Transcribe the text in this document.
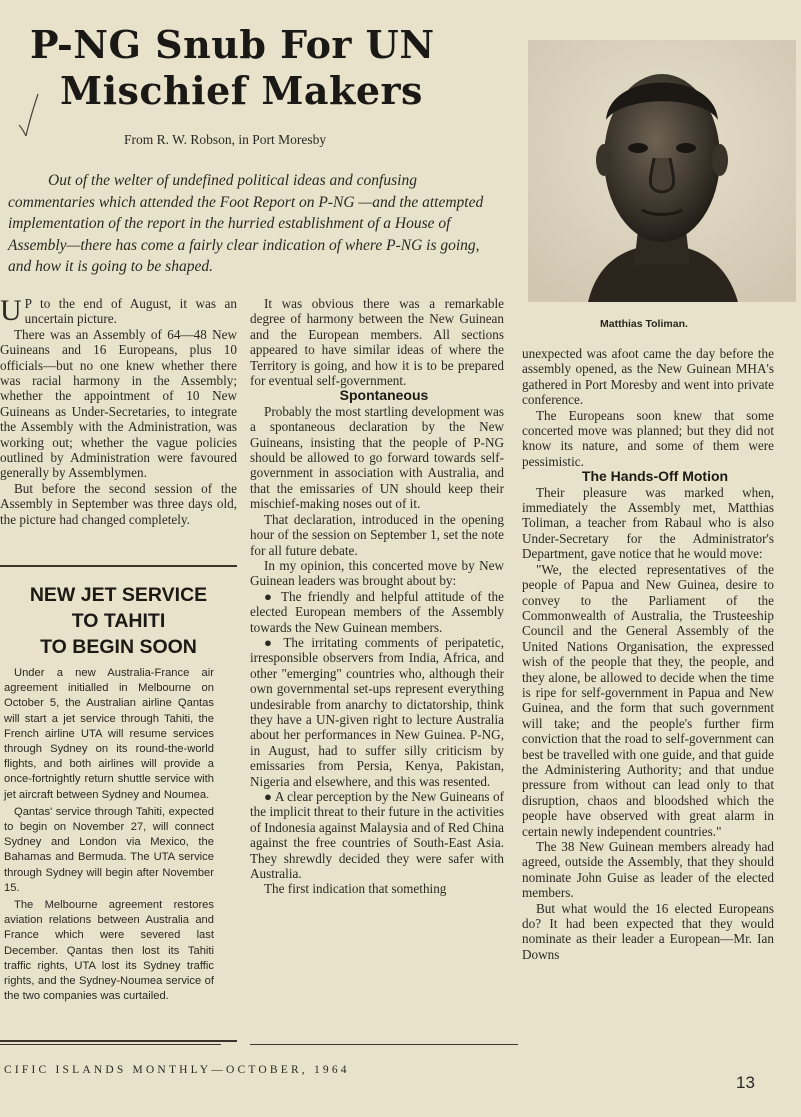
P-NG Snub For UN
Mischief Makers

From R. W. Robson, in Port Moresby

Out of the welter of undefined political ideas and confusing commentaries which attended the Foot Report on P-NG —and the attempted implementation of the report in the hurried establishment of a House of Assembly—there has come a fairly clear indication of where P-NG is going, and how it is going to be shaped.

Matthias Toliman.

U P to the end of August, it was an uncertain picture.

There was an Assembly of 64—48 New Guineans and 16 Europeans, plus 10 officials—but no one knew whether there was racial harmony in the Assembly; whether the appointment of 10 New Guineans as Under-Secretaries, to integrate the Assembly with the Administration, was working out; whether the vague policies outlined by Administration were favoured generally by Assemblymen.

But before the second session of the Assembly in September was three days old, the picture had changed completely.

NEW JET SERVICE
TO TAHITI
TO BEGIN SOON

Under a new Australia-France air agreement initialled in Melbourne on October 5, the Australian airline Qantas will start a jet service through Tahiti, the French airline UTA will resume services through Sydney on its round-the-world flights, and both airlines will provide a once-fortnightly return shuttle service with jet aircraft between Sydney and Noumea.

Qantas' service through Tahiti, expected to begin on November 27, will connect Sydney and London via Mexico, the Bahamas and Bermuda. The UTA service through Sydney will begin after November 15.

The Melbourne agreement restores aviation relations between Australia and France which were severed last December. Qantas then lost its Tahiti traffic rights, UTA lost its Sydney traffic rights, and the Sydney-Noumea service of the two companies was curtailed.

It was obvious there was a remarkable degree of harmony between the New Guinean and the European members. All sections appeared to have similar ideas of where the Territory is going, and how it is to be prepared for eventual self-government.

Spontaneous

Probably the most startling development was a spontaneous declaration by the New Guineans, insisting that the people of P-NG should be allowed to go forward towards self-government in association with Australia, and that the emissaries of UN should keep their mischief-making noses out of it.

That declaration, introduced in the opening hour of the session on September 1, set the note for all future debate.

In my opinion, this concerted move by New Guinean leaders was brought about by:

● The friendly and helpful attitude of the elected European members of the Assembly towards the New Guinean members.

● The irritating comments of peripatetic, irresponsible observers from India, Africa, and other "emerging" countries who, although their own governmental set-ups represent everything undesirable from anarchy to dictatorship, think they have a UN-given right to lecture Australia about her performances in New Guinea. P-NG, in August, had to suffer silly criticism by emissaries from Persia, Kenya, Pakistan, Nigeria and elsewhere, and this was resented.

● A clear perception by the New Guineans of the implicit threat to their future in the activities of Indonesia against Malaysia and of Red China against the free countries of South-East Asia. They shrewdly decided they were safer with Australia.

The first indication that something

unexpected was afoot came the day before the assembly opened, as the New Guinean MHA's gathered in Port Moresby and went into private conference.

The Europeans soon knew that some concerted move was planned; but they did not know its nature, and some of them were pessimistic.

The Hands-Off Motion

Their pleasure was marked when, immediately the Assembly met, Matthias Toliman, a teacher from Rabaul who is also Under-Secretary for the Administrator's Department, gave notice that he would move:

"We, the elected representatives of the people of Papua and New Guinea, desire to convey to the Parliament of the Commonwealth of Australia, the Trusteeship Council and the General Assembly of the United Nations Organisation, the expressed wish of the people that they, the people, and they alone, be allowed to decide when the time is ripe for self-government in Papua and New Guinea, and the form that such government will take; and the people's further firm conviction that the road to self-government can best be travelled with one guide, and that guide the Administering Authority; and that undue pressure from without can lead only to that disruption, chaos and bloodshed which the people have observed with great alarm in certain newly independent countries."

The 38 New Guinean members already had agreed, outside the Assembly, that they should nominate John Guise as leader of the elected members.

But what would the 16 elected Europeans do? It had been expected that they would nominate as their leader a European—Mr. Ian Downs

CIFIC ISLANDS MONTHLY—OCTOBER, 1964

13
